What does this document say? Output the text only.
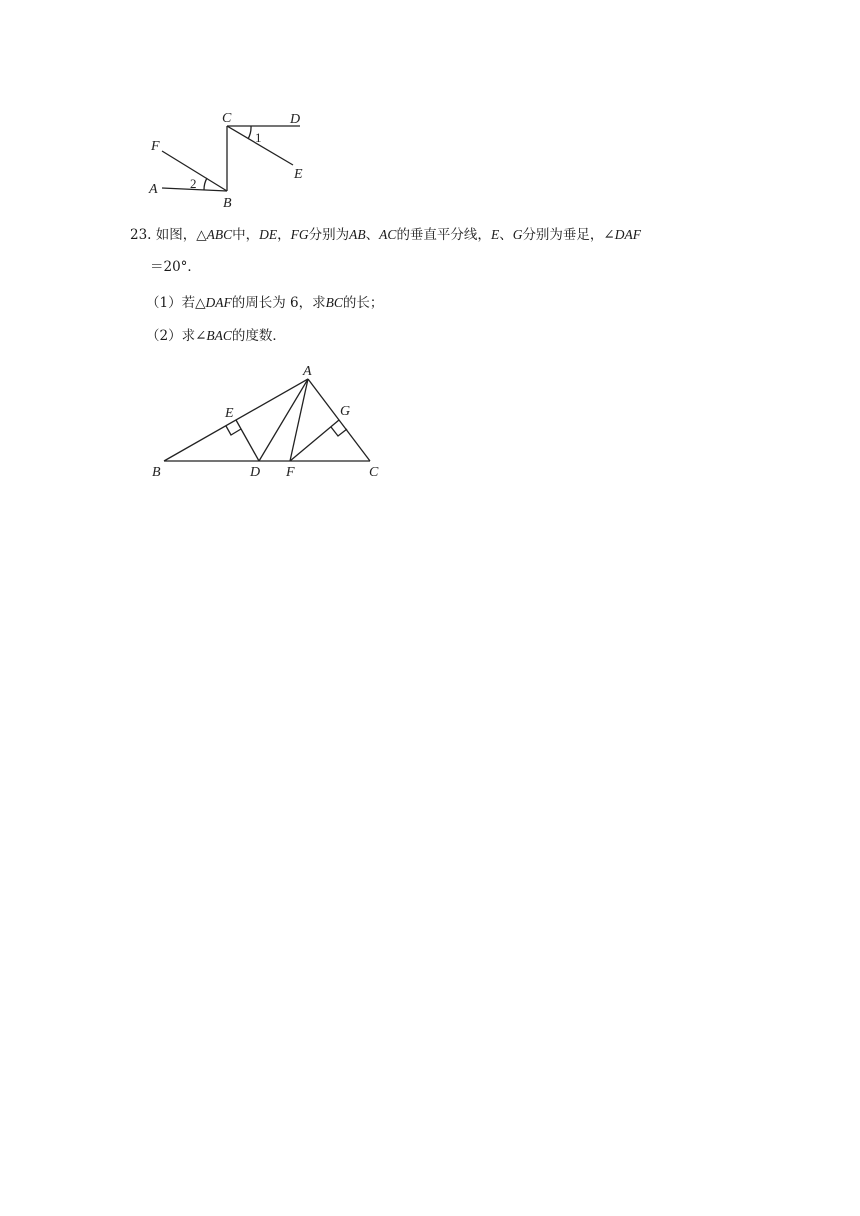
C	D
F
E
A
B
1
2
23. 如图，△ABC中，DE，FG分别为AB、AC的垂直平分线，E、G分别为垂足，∠DAF
＝20°．
（1）若△DAF的周长为 6，求BC的长；
（2）求∠BAC的度数．
A
E	G
B	D F	C
